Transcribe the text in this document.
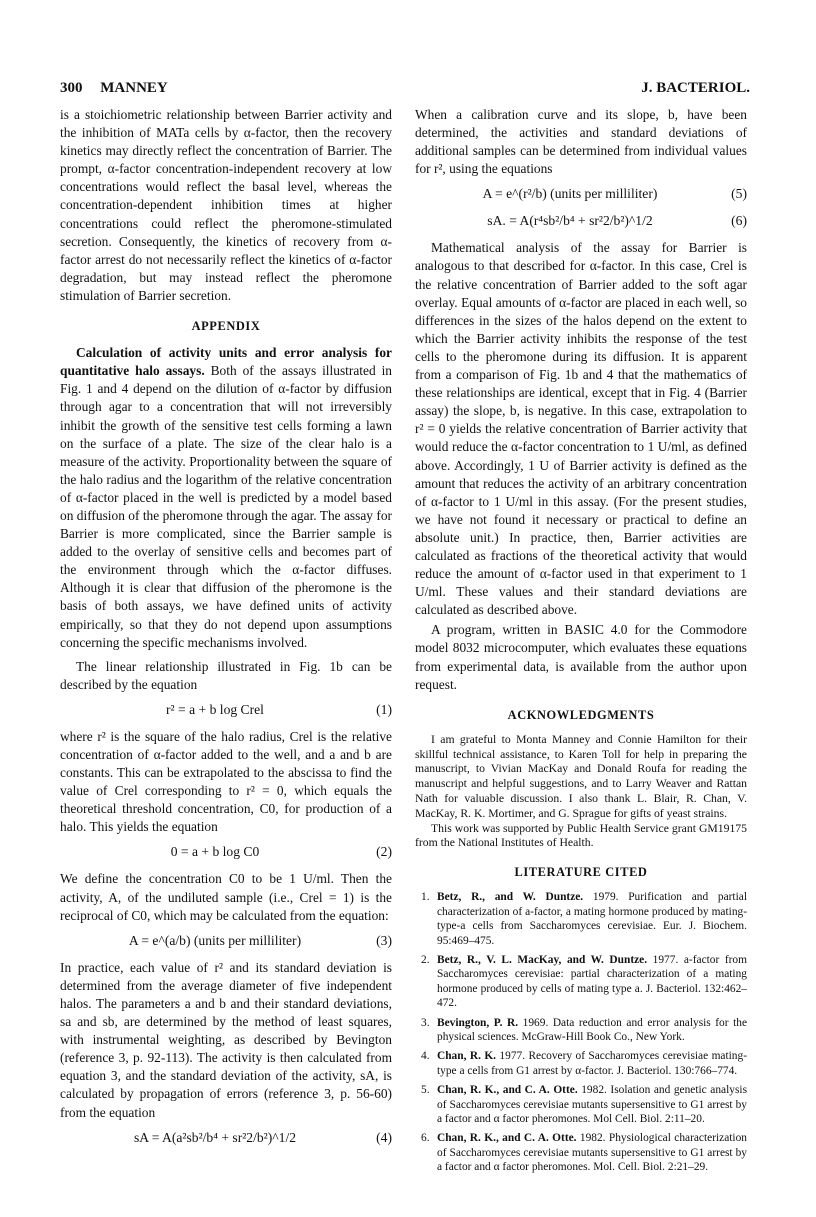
300 MANNEY	J. BACTERIOL.

is a stoichiometric relationship between Barrier activity and the inhibition of MATa cells by α-factor, then the recovery kinetics may directly reflect the concentration of Barrier. The prompt, α-factor concentration-independent recovery at low concentrations would reflect the basal level, whereas the concentration-dependent inhibition times at higher concentrations could reflect the pheromone-stimulated secretion. Consequently, the kinetics of recovery from α-factor arrest do not necessarily reflect the kinetics of α-factor degradation, but may instead reflect the pheromone stimulation of Barrier secretion.

APPENDIX

Calculation of activity units and error analysis for quantitative halo assays. Both of the assays illustrated in Fig. 1 and 4 depend on the dilution of α-factor by diffusion through agar to a concentration that will not irreversibly inhibit the growth of the sensitive test cells forming a lawn on the surface of a plate. The size of the clear halo is a measure of the activity. Proportionality between the square of the halo radius and the logarithm of the relative concentration of α-factor placed in the well is predicted by a model based on diffusion of the pheromone through the agar. The assay for Barrier is more complicated, since the Barrier sample is added to the overlay of sensitive cells and becomes part of the environment through which the α-factor diffuses. Although it is clear that diffusion of the pheromone is the basis of both assays, we have defined units of activity empirically, so that they do not depend upon assumptions concerning the specific mechanisms involved.

The linear relationship illustrated in Fig. 1b can be described by the equation

r² = a + b log Crel	(1)

where r² is the square of the halo radius, Crel is the relative concentration of α-factor added to the well, and a and b are constants. This can be extrapolated to the abscissa to find the value of Crel corresponding to r² = 0, which equals the theoretical threshold concentration, C0, for production of a halo. This yields the equation

0 = a + b log C0	(2)

We define the concentration C0 to be 1 U/ml. Then the activity, A, of the undiluted sample (i.e., Crel = 1) is the reciprocal of C0, which may be calculated from the equation:

A = e^(a/b) (units per milliliter)	(3)

In practice, each value of r² and its standard deviation is determined from the average diameter of five independent halos. The parameters a and b and their standard deviations, sa and sb, are determined by the method of least squares, with instrumental weighting, as described by Bevington (reference 3, p. 92-113). The activity is then calculated from equation 3, and the standard deviation of the activity, sA, is calculated by propagation of errors (reference 3, p. 56-60) from the equation

sA = A(a²sb²/b⁴ + sr²2/b²)^1/2	(4)

When a calibration curve and its slope, b, have been determined, the activities and standard deviations of additional samples can be determined from individual values for r², using the equations

A = e^(r²/b) (units per milliliter)	(5)
sA. = A(r⁴sb²/b⁴ + sr²2/b²)^1/2	(6)

Mathematical analysis of the assay for Barrier is analogous to that described for α-factor. In this case, Crel is the relative concentration of Barrier added to the soft agar overlay. Equal amounts of α-factor are placed in each well, so differences in the sizes of the halos depend on the extent to which the Barrier activity inhibits the response of the test cells to the pheromone during its diffusion. It is apparent from a comparison of Fig. 1b and 4 that the mathematics of these relationships are identical, except that in Fig. 4 (Barrier assay) the slope, b, is negative. In this case, extrapolation to r² = 0 yields the relative concentration of Barrier activity that would reduce the α-factor concentration to 1 U/ml, as defined above. Accordingly, 1 U of Barrier activity is defined as the amount that reduces the activity of an arbitrary concentration of α-factor to 1 U/ml in this assay. (For the present studies, we have not found it necessary or practical to define an absolute unit.) In practice, then, Barrier activities are calculated as fractions of the theoretical activity that would reduce the amount of α-factor used in that experiment to 1 U/ml. These values and their standard deviations are calculated as described above.

A program, written in BASIC 4.0 for the Commodore model 8032 microcomputer, which evaluates these equations from experimental data, is available from the author upon request.

ACKNOWLEDGMENTS

I am grateful to Monta Manney and Connie Hamilton for their skillful technical assistance, to Karen Toll for help in preparing the manuscript, to Vivian MacKay and Donald Roufa for reading the manuscript and helpful suggestions, and to Larry Weaver and Rattan Nath for valuable discussion. I also thank L. Blair, R. Chan, V. MacKay, R. K. Mortimer, and G. Sprague for gifts of yeast strains.

This work was supported by Public Health Service grant GM19175 from the National Institutes of Health.

LITERATURE CITED
1. Betz, R., and W. Duntze. 1979. Purification and partial characterization of a-factor, a mating hormone produced by mating-type-a cells from Saccharomyces cerevisiae. Eur. J. Biochem. 95:469–475.
2. Betz, R., V. L. MacKay, and W. Duntze. 1977. a-factor from Saccharomyces cerevisiae: partial characterization of a mating hormone produced by cells of mating type a. J. Bacteriol. 132:462–472.
3. Bevington, P. R. 1969. Data reduction and error analysis for the physical sciences. McGraw-Hill Book Co., New York.
4. Chan, R. K. 1977. Recovery of Saccharomyces cerevisiae mating-type a cells from G1 arrest by α-factor. J. Bacteriol. 130:766–774.
5. Chan, R. K., and C. A. Otte. 1982. Isolation and genetic analysis of Saccharomyces cerevisiae mutants supersensitive to G1 arrest by a factor and α factor pheromones. Mol Cell. Biol. 2:11–20.
6. Chan, R. K., and C. A. Otte. 1982. Physiological characterization of Saccharomyces cerevisiae mutants supersensitive to G1 arrest by a factor and α factor pheromones. Mol. Cell. Biol. 2:21–29.
